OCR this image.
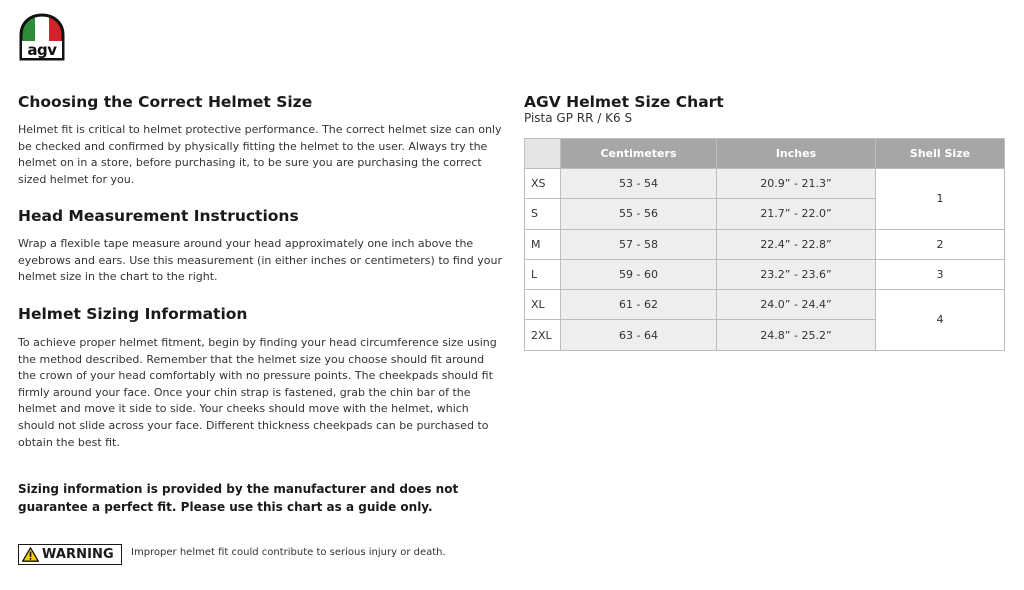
agv
Choosing the Correct Helmet Size

Helmet fit is critical to helmet protective performance. The correct helmet size can only be checked and confirmed by physically fitting the helmet to the user. Always try the helmet on in a store, before purchasing it, to be sure you are purchasing the correct sized helmet for you.

Head Measurement Instructions

Wrap a flexible tape measure around your head approximately one inch above the eyebrows and ears. Use this measurement (in either inches or centimeters) to find your helmet size in the chart to the right.

Helmet Sizing Information

To achieve proper helmet fitment, begin by finding your head circumference size using the method described. Remember that the helmet size you choose should fit around the crown of your head comfortably with no pressure points. The cheekpads should fit firmly around your face. Once your chin strap is fastened, grab the chin bar of the helmet and move it side to side. Your cheeks should move with the helmet, which should not slide across your face. Different thickness cheekpads can be purchased to obtain the best fit.

Sizing information is provided by the manufacturer and does not guarantee a perfect fit. Please use this chart as a guide only.

WARNING Improper helmet fit could contribute to serious injury or death.
AGV Helmet Size Chart
Pista GP RR / K6 S
	Centimeters	Inches	Shell Size
XS	53 - 54	20.9” - 21.3”	1
S	55 - 56	21.7” - 22.0”	
M	57 - 58	22.4” - 22.8”	2
L	59 - 60	23.2” - 23.6”	3
XL	61 - 62	24.0” - 24.4”	4
2XL	63 - 64	24.8” - 25.2”	
